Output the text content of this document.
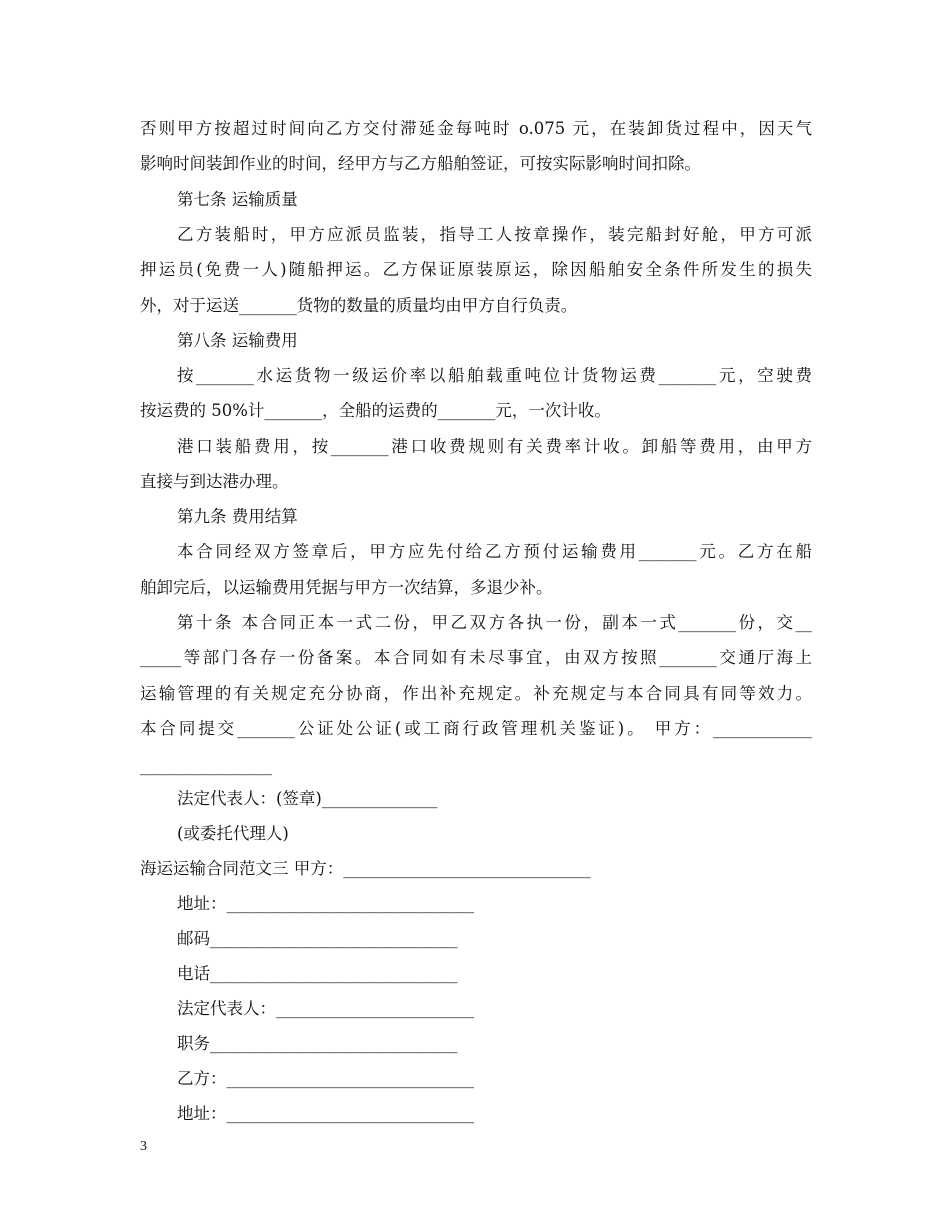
否则甲方按超过时间向乙方交付滞延金每吨时 o.075 元，在装卸货过程中，因天气
影响时间装卸作业的时间，经甲方与乙方船舶签证，可按实际影响时间扣除。
第七条 运输质量
乙方装船时，甲方应派员监装，指导工人按章操作，装完船封好舱，甲方可派
押运员(免费一人)随船押运。乙方保证原装原运，除因船舶安全条件所发生的损失
外，对于运送_______货物的数量的质量均由甲方自行负责。
第八条 运输费用
按_______水运货物一级运价率以船舶载重吨位计货物运费_______元，空驶费
按运费的 50%计_______，全船的运费的_______元，一次计收。
港口装船费用，按_______港口收费规则有关费率计收。卸船等费用，由甲方
直接与到达港办理。
第九条 费用结算
本合同经双方签章后，甲方应先付给乙方预付运输费用_______元。乙方在船
舶卸完后，以运输费用凭据与甲方一次结算，多退少补。
第十条 本合同正本一式二份，甲乙双方各执一份，副本一式_______份，交__
_____等部门各存一份备案。本合同如有未尽事宜，由双方按照_______交通厅海上
运输管理的有关规定充分协商，作出补充规定。补充规定与本合同具有同等效力。
本合同提交_______公证处公证(或工商行政管理机关鉴证)。 甲方：____________
________________
法定代表人：(签章)______________
(或委托代理人)
海运运输合同范文三 甲方：______________________________
地址：______________________________
邮码______________________________
电话______________________________
法定代表人：________________________
职务______________________________
乙方：______________________________
地址：______________________________
3
